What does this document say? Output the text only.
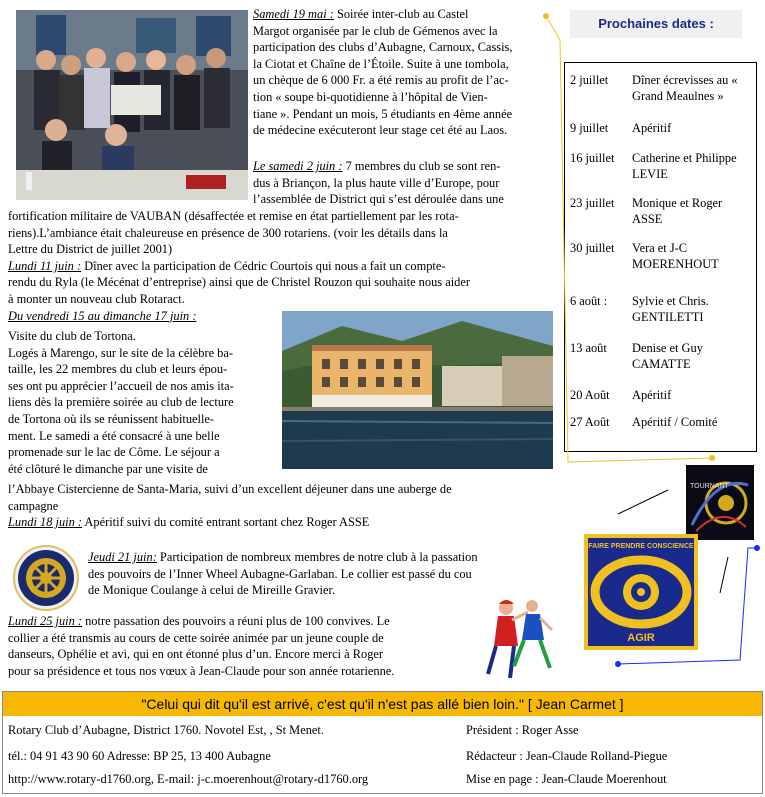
Samedi 19 mai : Soirée inter-club au Castel

Margot organisée par le club de Gémenos avec la

participation des clubs d’Aubagne, Carnoux, Cassis,

la Ciotat et Chaîne de l’Étoile. Suite à une tombola,

un chèque de 6 000 Fr. a été remis au profit de l’ac-

tion « soupe bi-quotidienne à l’hôpital de Vien-

tiane ». Pendant un mois, 5 étudiants en 4ème année

de médecine exécuteront leur stage cet été au Laos.

Le samedi 2 juin : 7 membres du club se sont ren-

dus à Briançon, la plus haute ville d’Europe, pour

l’assemblée de District qui s’est déroulée dans une

fortification militaire de VAUBAN (désaffectée et remise en état partiellement par les rota-

riens).L’ambiance était chaleureuse en présence de 300 rotariens. (voir les détails dans la

Lettre du District de juillet 2001)

Lundi 11 juin : Dîner avec la participation de Cédric Courtois qui nous a fait un compte-

rendu du Ryla (le Mécénat d’entreprise) ainsi que de Christel Rouzon qui souhaite nous aider

à monter un nouveau club Rotaract.

Du vendredi 15 au dimanche 17 juin :

Visite du club de Tortona.

Logés à Marengo, sur le site de la célèbre ba-

taille, les 22 membres du club et leurs épou-

ses ont pu apprécier l’accueil de nos amis ita-

liens dès la première soirée au club de lecture

de Tortona où ils se réunissent habituelle-

ment. Le samedi a été consacré à une belle

promenade sur le lac de Côme. Le séjour a

été clôturé le dimanche par une visite de

l’Abbaye Cistercienne de Santa-Maria, suivi d’un excellent déjeuner dans une auberge de

campagne

Lundi 18 juin : Apéritif suivi du comité entrant sortant chez Roger ASSE

Jeudi 21 juin: Participation de nombreux membres de notre club à la passation

des pouvoirs de l’Inner Wheel Aubagne-Garlaban. Le collier est passé du cou

de Monique Coulange à celui de Mireille Gravier.

Lundi 25 juin : notre passation des pouvoirs a réuni plus de 100 convives. Le

collier a été transmis au cours de cette soirée animée par un jeune couple de

danseurs, Ophélie et avi, qui en ont étonné plus d’un. Encore merci à Roger

pour sa présidence et tous nos vœux à Jean-Claude pour son année rotarienne.

Prochaines dates :
2 juillet	Dîner écrevisses au « Grand Meaulnes »
9 juillet	Apéritif
16 juillet	Catherine et Philippe LEVIE
23 juillet	Monique et Roger ASSE
30 juillet	Vera et J-C MOERENHOUT
6 août :	Sylvie et Chris. GENTILETTI
13 août	Denise et Guy CAMATTE
20 Août	Apéritif
27 Août	Apéritif / Comité
TOURNANT
FAIRE PRENDRE CONSCIENCE
AGIR
"Celui qui dit qu'il est arrivé, c'est qu'il n'est pas allé bien loin." [ Jean Carmet ]
Rotary Club d’Aubagne, District 1760. Novotel Est, , St Menet.
tél.: 04 91 43 90 60 Adresse: BP 25, 13 400 Aubagne
http://www.rotary-d1760.org, E-mail: j-c.moerenhout@rotary-d1760.org
Président : Roger Asse
Rédacteur : Jean-Claude Rolland-Piegue
Mise en page : Jean-Claude Moerenhout
